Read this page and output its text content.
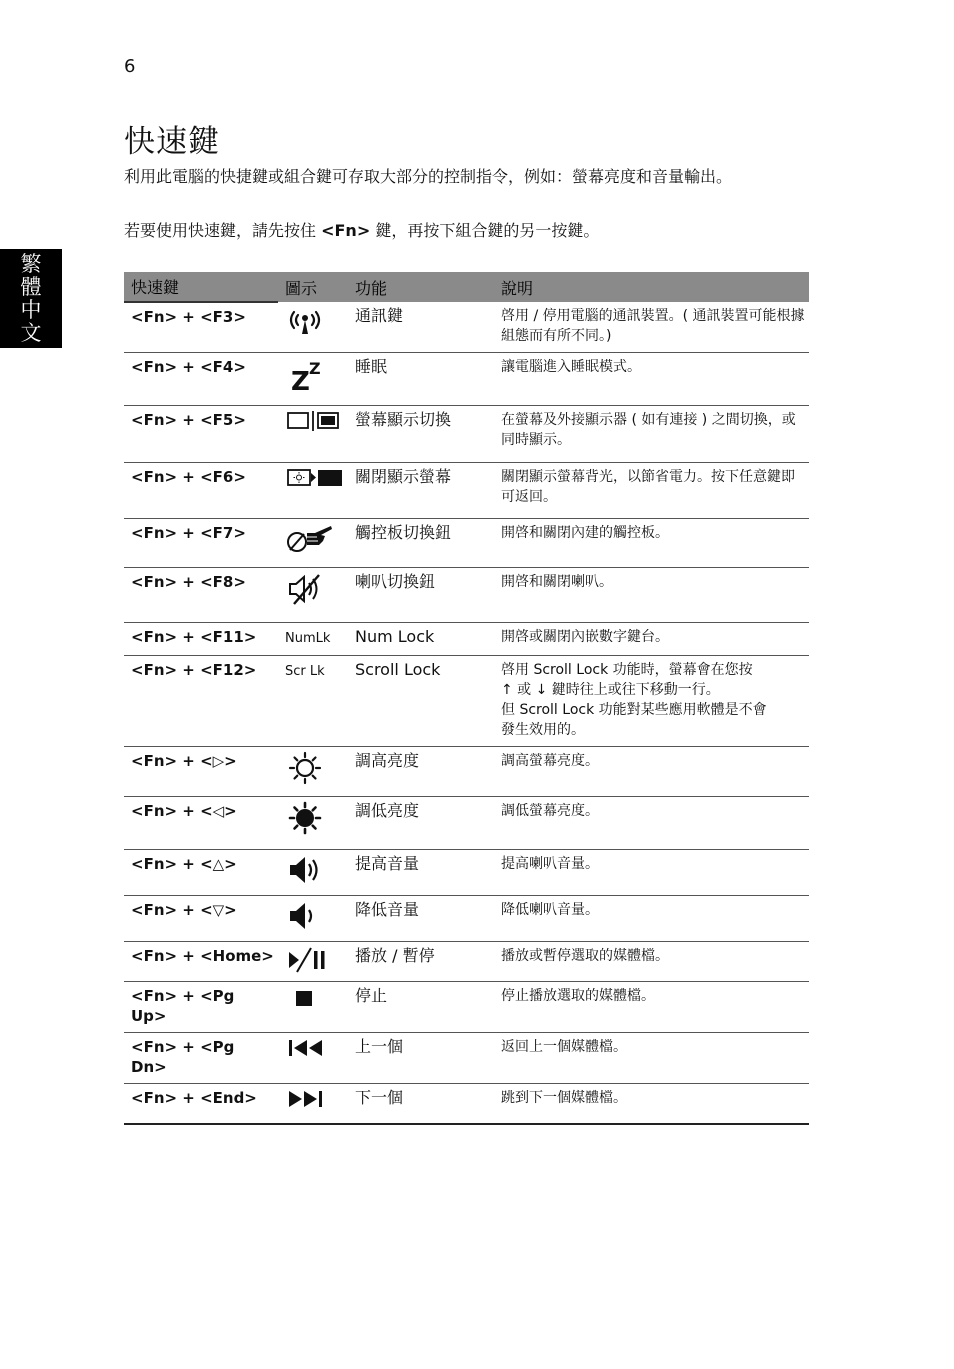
6
快速鍵

利用此電腦的快捷鍵或組合鍵可存取大部分的控制指令，例如：螢幕亮度和音量輸出。

若要使用快速鍵，請先按住 <Fn> 鍵，再按下組合鍵的另一按鍵。

繁
體
中
文
快速鍵	圖示	功能	說明
<Fn> + <F3>		通訊鍵	啓用 / 停用電腦的通訊裝置。( 通訊裝置可能根據組態而有所不同。)
<Fn> + <F4>	Z Z	睡眠	讓電腦進入睡眠模式。
<Fn> + <F5>		螢幕顯示切換	在螢幕及外接顯示器 ( 如有連接 ) 之間切換，或同時顯示。
<Fn> + <F6>		關閉顯示螢幕	關閉顯示螢幕背光，以節省電力。按下任意鍵即可返回。
<Fn> + <F7>		觸控板切換鈕	開啓和關閉內建的觸控板。
<Fn> + <F8>		喇叭切換鈕	開啓和關閉喇叭。
<Fn> + <F11>	NumLk	Num Lock	開啓或關閉內嵌數字鍵台。
<Fn> + <F12>	Scr Lk	Scroll Lock	啓用 Scroll Lock 功能時，螢幕會在您按
↑ 或 ↓ 鍵時往上或往下移動一行。
但 Scroll Lock 功能對某些應用軟體是不會
發生效用的。

<Fn> + <▷>		調高亮度	調高螢幕亮度。
<Fn> + <◁>		調低亮度	調低螢幕亮度。
<Fn> + <△>		提高音量	提高喇叭音量。
<Fn> + <▽>		降低音量	降低喇叭音量。
<Fn> + <Home>		播放 / 暫停	播放或暫停選取的媒體檔。
<Fn> + <Pg Up>		停止	停止播放選取的媒體檔。
<Fn> + <Pg Dn>		上一個	返回上一個媒體檔。
<Fn> + <End>		下一個	跳到下一個媒體檔。
